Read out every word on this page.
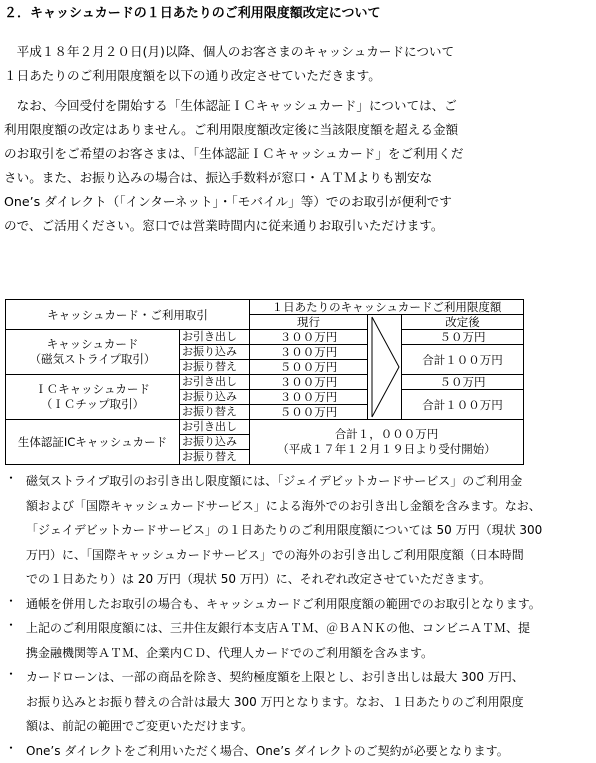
２．キャッシュカードの１日あたりのご利用限度額改定について
　平成１８年２月２０日(月)以降、個人のお客さまのキャッシュカードについて
１日あたりのご利用限度額を以下の通り改定させていただきます。
　なお、今回受付を開始する「生体認証ＩＣキャッシュカード」については、ご
利用限度額の改定はありません。ご利用限度額改定後に当該限度額を超える金額
のお取引をご希望のお客さまは、「生体認証ＩＣキャッシュカード」をご利用くだ
さい。また、お振り込みの場合は、振込手数料が窓口・ＡＴＭよりも割安な
One’s ダイレクト（「インターネット」・「モバイル」等）でのお取引が便利です
ので、ご活用ください。窓口では営業時間内に従来通りお取引いただけます。
キャッシュカード・ご利用取引		１日あたりのキャッシュカードご利用限度額		
		現行		改定後

キャッシュカード
（磁気ストライプ取引）	お引き出し	３００万円		５０万円
	お振り込み	３００万円		合計１００万円
	お振り替え	５００万円		

ＩＣキャッシュカード
（ＩＣチップ取引）	お引き出し	３００万円		５０万円
	お振り込み	３００万円		合計１００万円
	お振り替え	５００万円		
生体認証ICキャッシュカード	お引き出し	合計１，０００万円
（平成１７年１２月１９日より受付開始）		

	お振り込み			
	お振り替え			
・ 磁気ストライプ取引のお引き出し限度額には、「ジェイデビットカードサービス」のご利用金
額および「国際キャッシュカードサービス」による海外でのお引き出し金額を含みます。なお、
「ジェイデビットカードサービス」の１日あたりのご利用限度額については 50 万円（現状 300
万円）に、「国際キャッシュカードサービス」での海外のお引き出しご利用限度額（日本時間
での１日あたり）は 20 万円（現状 50 万円）に、それぞれ改定させていただきます。
・ 通帳を併用したお取引の場合も、キャッシュカードご利用限度額の範囲でのお取引となります。
・ 上記のご利用限度額には、三井住友銀行本支店ＡＴＭ、＠ＢＡＮＫの他、コンビニＡＴＭ、提
携金融機関等ＡＴＭ、企業内ＣＤ、代理人カードでのご利用額を含みます。
・ カードローンは、一部の商品を除き、契約極度額を上限とし、お引き出しは最大 300 万円、
お振り込みとお振り替えの合計は最大 300 万円となります。なお、１日あたりのご利用限度
額は、前記の範囲でご変更いただけます。
・ One’s ダイレクトをご利用いただく場合、One’s ダイレクトのご契約が必要となります。
